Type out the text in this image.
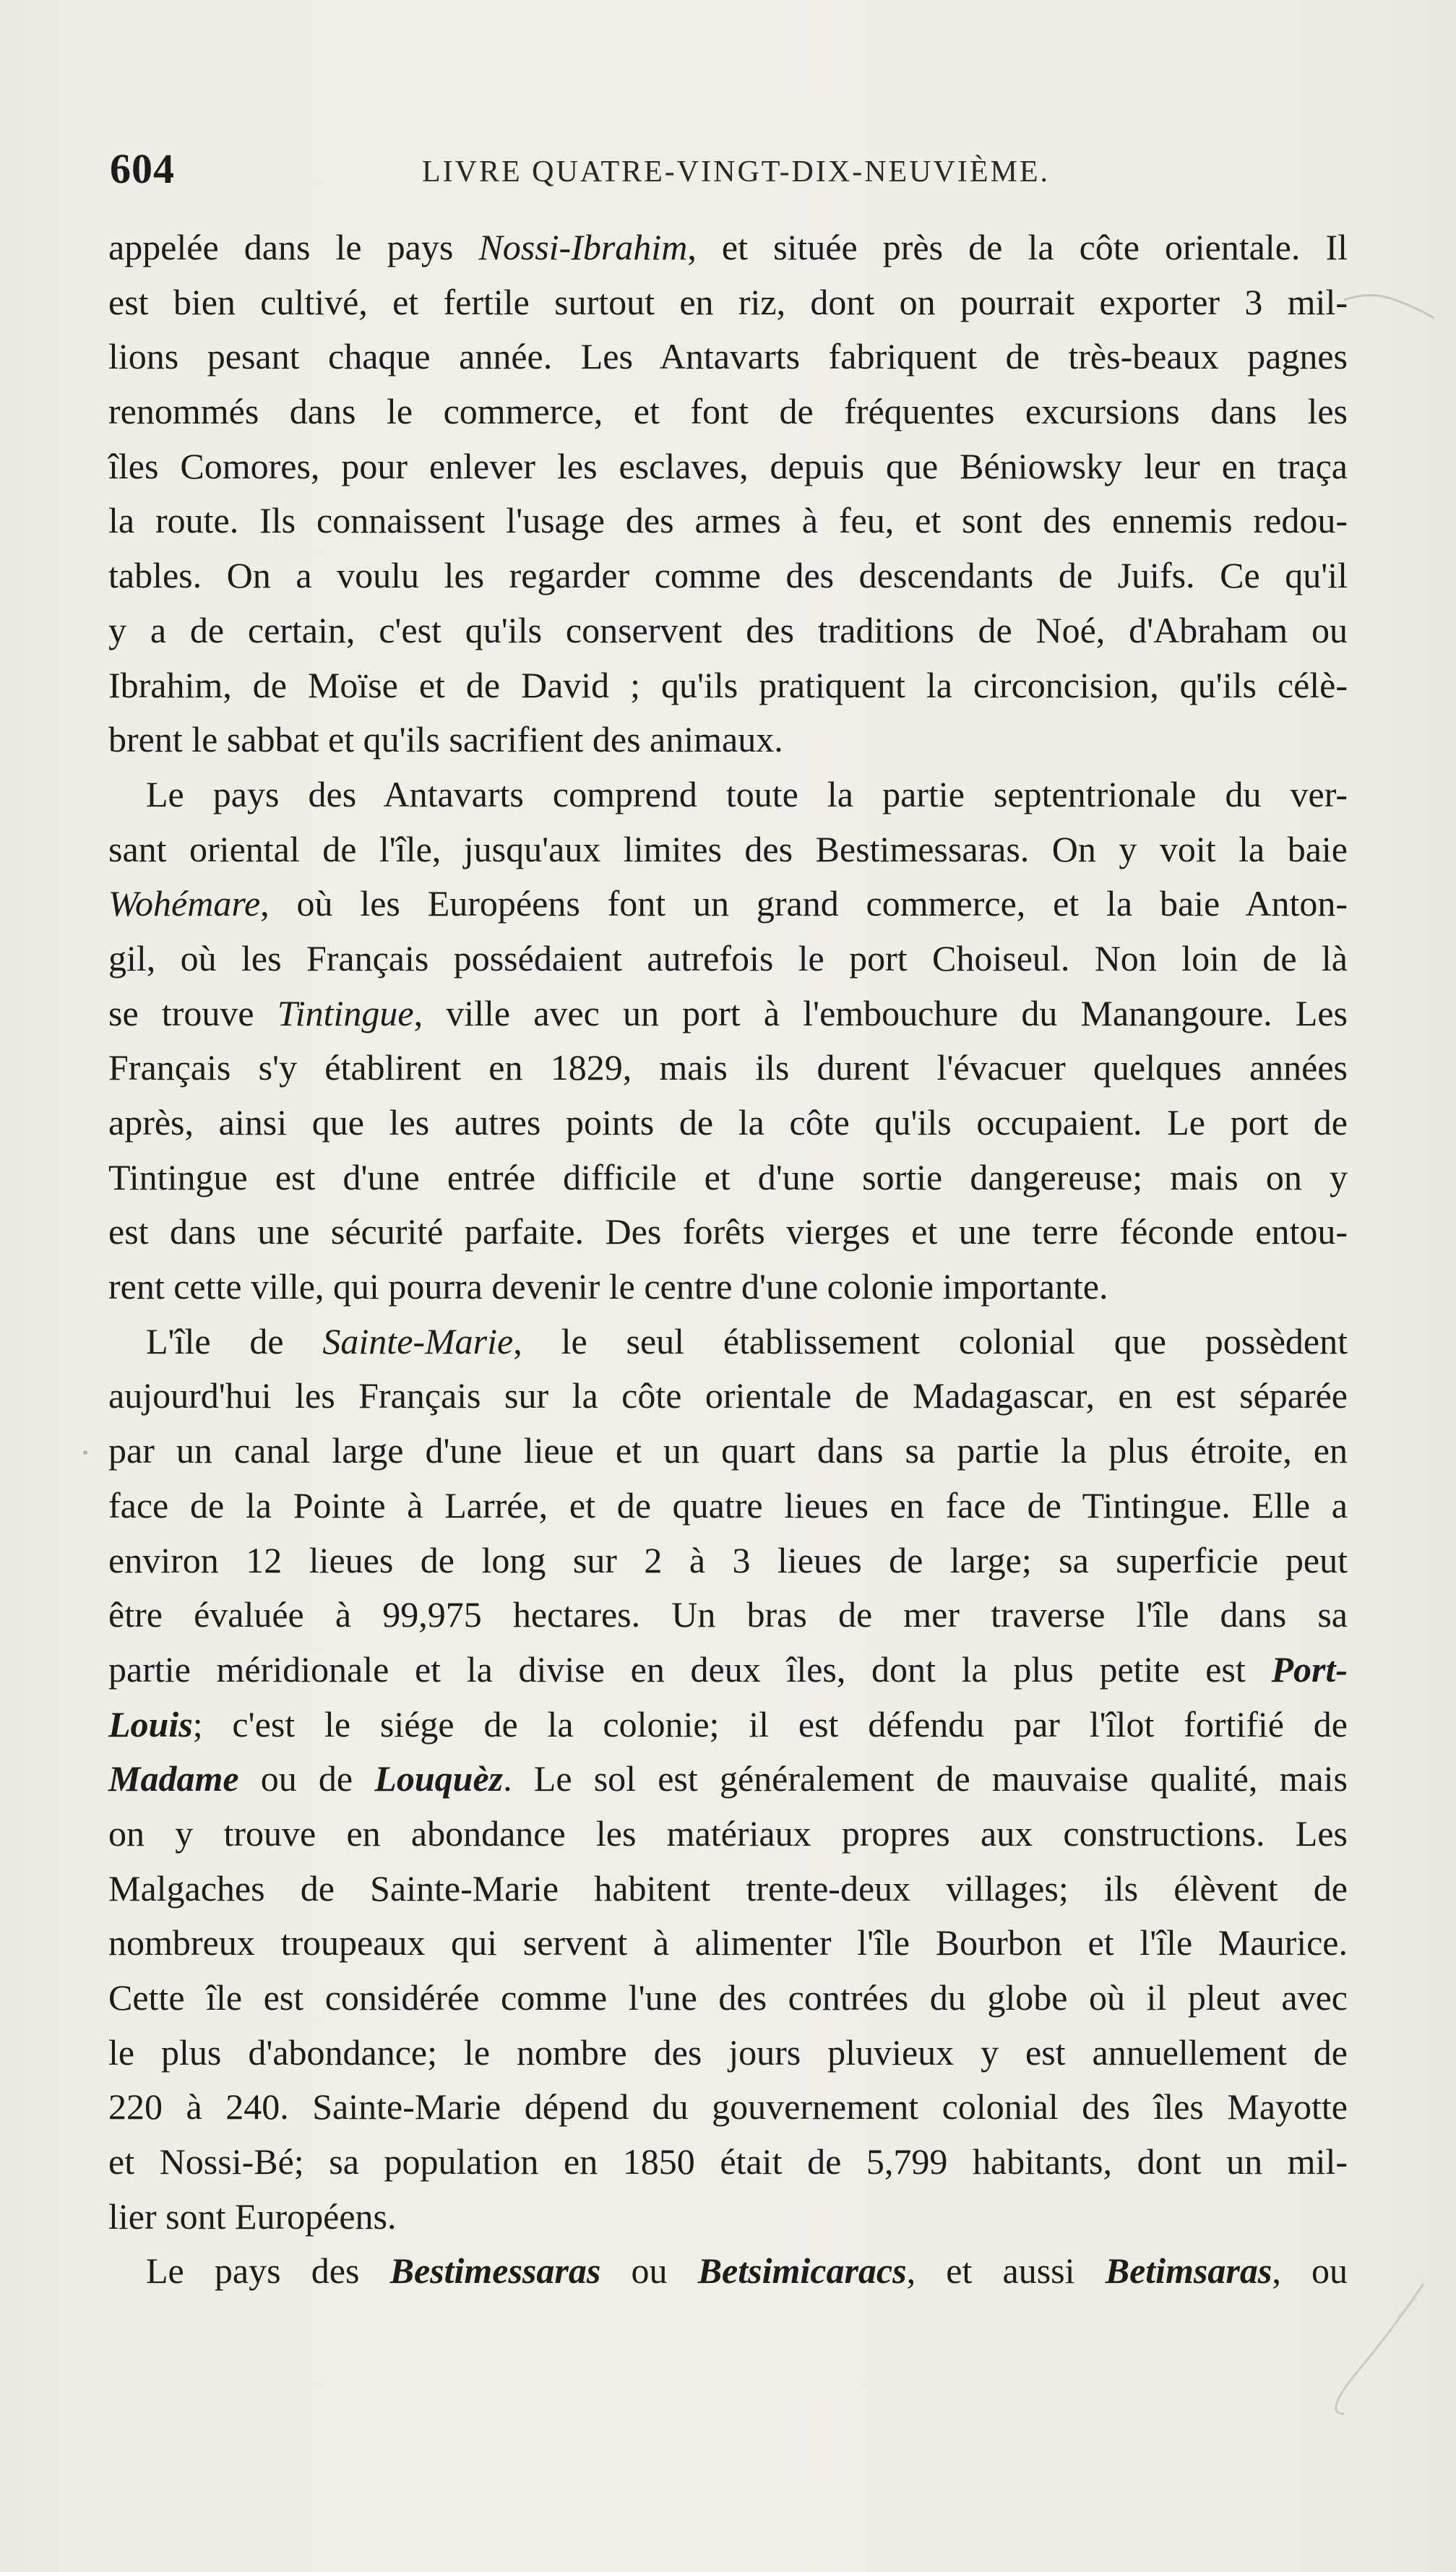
604	LIVRE QUATRE-VINGT-DIX-NEUVIÈME.
appelée dans le pays Nossi-Ibrahim, et située près de la côte orientale. Il
est bien cultivé, et fertile surtout en riz, dont on pourrait exporter 3 mil-
lions pesant chaque année. Les Antavarts fabriquent de très-beaux pagnes
renommés dans le commerce, et font de fréquentes excursions dans les
îles Comores, pour enlever les esclaves, depuis que Béniowsky leur en traça
la route. Ils connaissent l'usage des armes à feu, et sont des ennemis redou-
tables. On a voulu les regarder comme des descendants de Juifs. Ce qu'il
y a de certain, c'est qu'ils conservent des traditions de Noé, d'Abraham ou
Ibrahim, de Moïse et de David ; qu'ils pratiquent la circoncision, qu'ils célè-
brent le sabbat et qu'ils sacrifient des animaux.
Le pays des Antavarts comprend toute la partie septentrionale du ver-
sant oriental de l'île, jusqu'aux limites des Bestimessaras. On y voit la baie
Wohémare, où les Européens font un grand commerce, et la baie Anton-
gil, où les Français possédaient autrefois le port Choiseul. Non loin de là
se trouve Tintingue, ville avec un port à l'embouchure du Manangoure. Les
Français s'y établirent en 1829, mais ils durent l'évacuer quelques années
après, ainsi que les autres points de la côte qu'ils occupaient. Le port de
Tintingue est d'une entrée difficile et d'une sortie dangereuse; mais on y
est dans une sécurité parfaite. Des forêts vierges et une terre féconde entou-
rent cette ville, qui pourra devenir le centre d'une colonie importante.
L'île de Sainte-Marie, le seul établissement colonial que possèdent
aujourd'hui les Français sur la côte orientale de Madagascar, en est séparée
par un canal large d'une lieue et un quart dans sa partie la plus étroite, en
face de la Pointe à Larrée, et de quatre lieues en face de Tintingue. Elle a
environ 12 lieues de long sur 2 à 3 lieues de large; sa superficie peut
être évaluée à 99,975 hectares. Un bras de mer traverse l'île dans sa
partie méridionale et la divise en deux îles, dont la plus petite est Port-
Louis; c'est le siége de la colonie; il est défendu par l'îlot fortifié de
Madame ou de Louquèz. Le sol est généralement de mauvaise qualité, mais
on y trouve en abondance les matériaux propres aux constructions. Les
Malgaches de Sainte-Marie habitent trente-deux villages; ils élèvent de
nombreux troupeaux qui servent à alimenter l'île Bourbon et l'île Maurice.
Cette île est considérée comme l'une des contrées du globe où il pleut avec
le plus d'abondance; le nombre des jours pluvieux y est annuellement de
220 à 240. Sainte-Marie dépend du gouvernement colonial des îles Mayotte
et Nossi-Bé; sa population en 1850 était de 5,799 habitants, dont un mil-
lier sont Européens.
Le pays des Bestimessaras ou Betsimicaracs, et aussi Betimsaras, ou
